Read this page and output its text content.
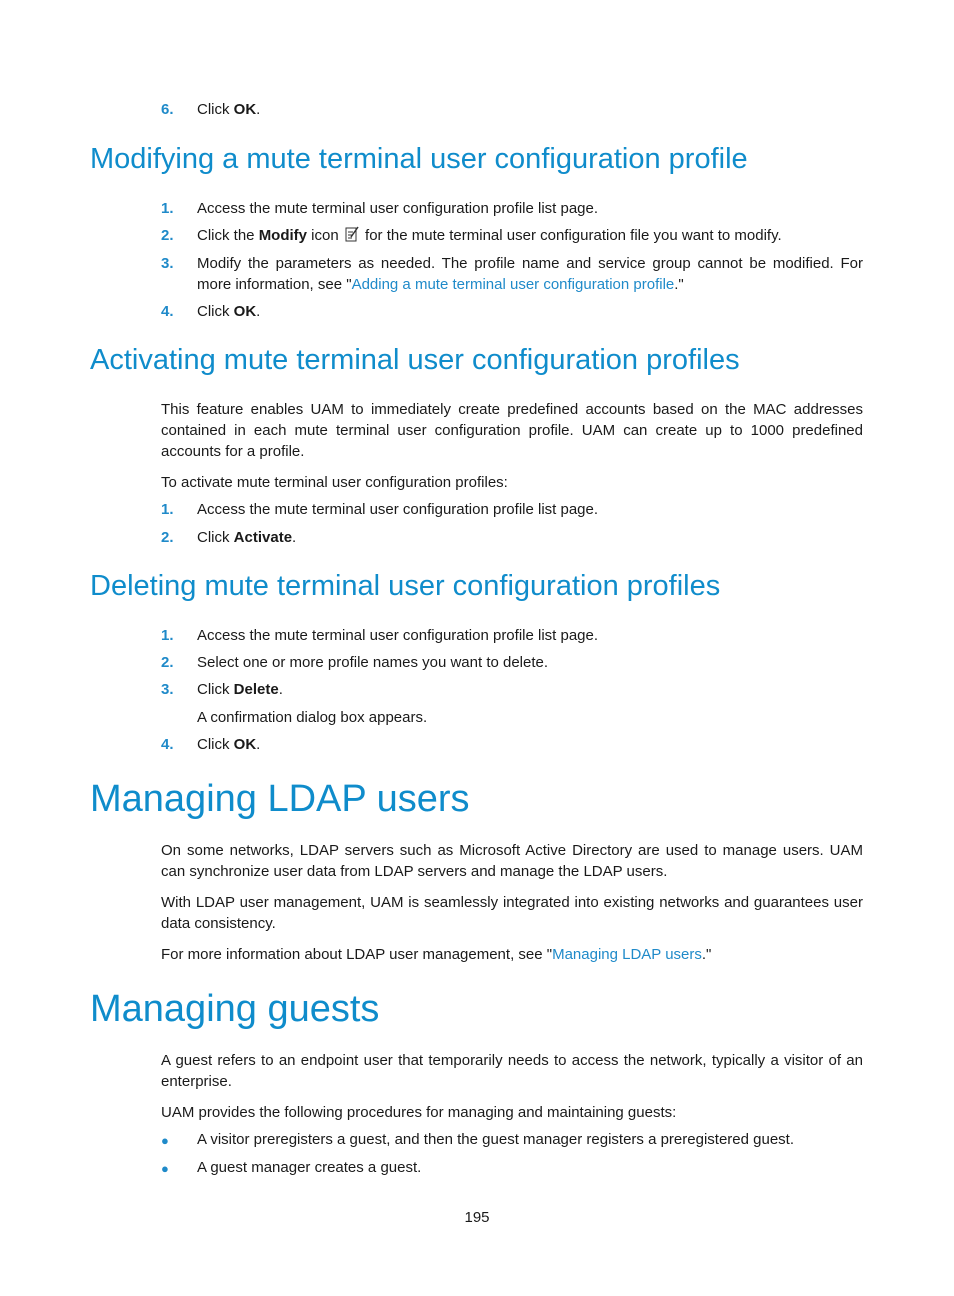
6. Click OK.
Modifying a mute terminal user configuration profile
1. Access the mute terminal user configuration profile list page.
2. Click the Modify icon  for the mute terminal user configuration file you want to modify.
3. Modify the parameters as needed. The profile name and service group cannot be modified. For
more information, see "Adding a mute terminal user configuration profile."
4. Click OK.
Activating mute terminal user configuration profiles
This feature enables UAM to immediately create predefined accounts based on the MAC addresses contained in each mute terminal user configuration profile. UAM can create up to 1000 predefined accounts for a profile.
To activate mute terminal user configuration profiles:
1. Access the mute terminal user configuration profile list page.
2. Click Activate.
Deleting mute terminal user configuration profiles
1. Access the mute terminal user configuration profile list page.
2. Select one or more profile names you want to delete.
3. Click Delete.
A confirmation dialog box appears.
4. Click OK.
Managing LDAP users
On some networks, LDAP servers such as Microsoft Active Directory are used to manage users. UAM can synchronize user data from LDAP servers and manage the LDAP users.
With LDAP user management, UAM is seamlessly integrated into existing networks and guarantees user data consistency.
For more information about LDAP user management, see "Managing LDAP users."
Managing guests
A guest refers to an endpoint user that temporarily needs to access the network, typically a visitor of an enterprise.
UAM provides the following procedures for managing and maintaining guests:
● A visitor preregisters a guest, and then the guest manager registers a preregistered guest.
● A guest manager creates a guest.
195
